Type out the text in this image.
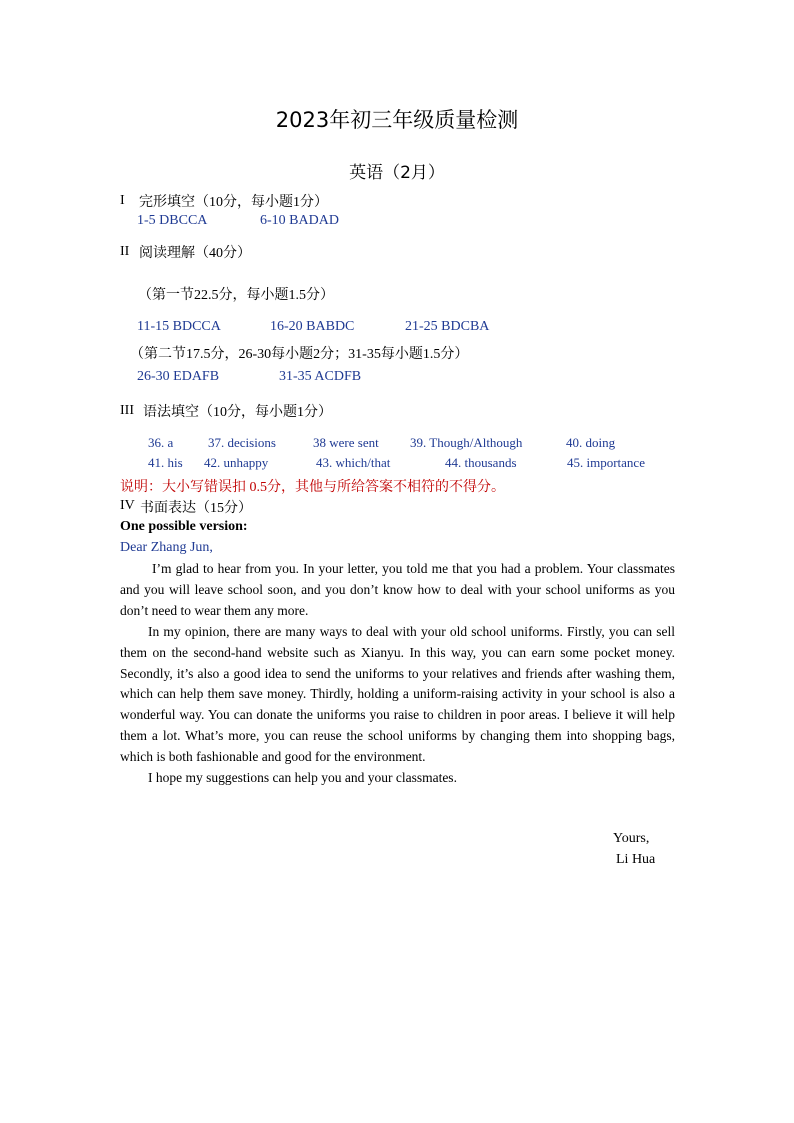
2023年初三年级质量检测
英语（2月）
I 完形填空（10分，每小题1分）
1-5 DBCCA	6-10 BADAD
II 阅读理解（40分）
（第一节22.5分，每小题1.5分）
11-15 BDCCA	16-20 BABDC	21-25 BDCBA
（第二节17.5分，26-30每小题2分；31-35每小题1.5分）
26-30 EDAFB	31-35 ACDFB
III 语法填空（10分，每小题1分）
36. a	37. decisions	38 were sent 39. Though/Although	40. doing
41. his 42. unhappy	43. which/that	44. thousands	45. importance
说明：大小写错误扣 0.5分，其他与所给答案不相符的不得分。
IV 书面表达（15分）
One possible version:
Dear Zhang Jun,

I’m glad to hear from you. In your letter, you told me that you had a problem. Your classmates and you will leave school soon, and you don’t know how to deal with your school uniforms as you don’t need to wear them any more.

In my opinion, there are many ways to deal with your old school uniforms. Firstly, you can sell them on the second-hand website such as Xianyu. In this way, you can earn some pocket money. Secondly, it’s also a good idea to send the uniforms to your relatives and friends after washing them, which can help them save money. Thirdly, holding a uniform-raising activity in your school is also a wonderful way. You can donate the uniforms you raise to children in poor areas. I believe it will help them a lot. What’s more, you can reuse the school uniforms by changing them into shopping bags, which is both fashionable and good for the environment.

I hope my suggestions can help you and your classmates.

Yours,
Li Hua
